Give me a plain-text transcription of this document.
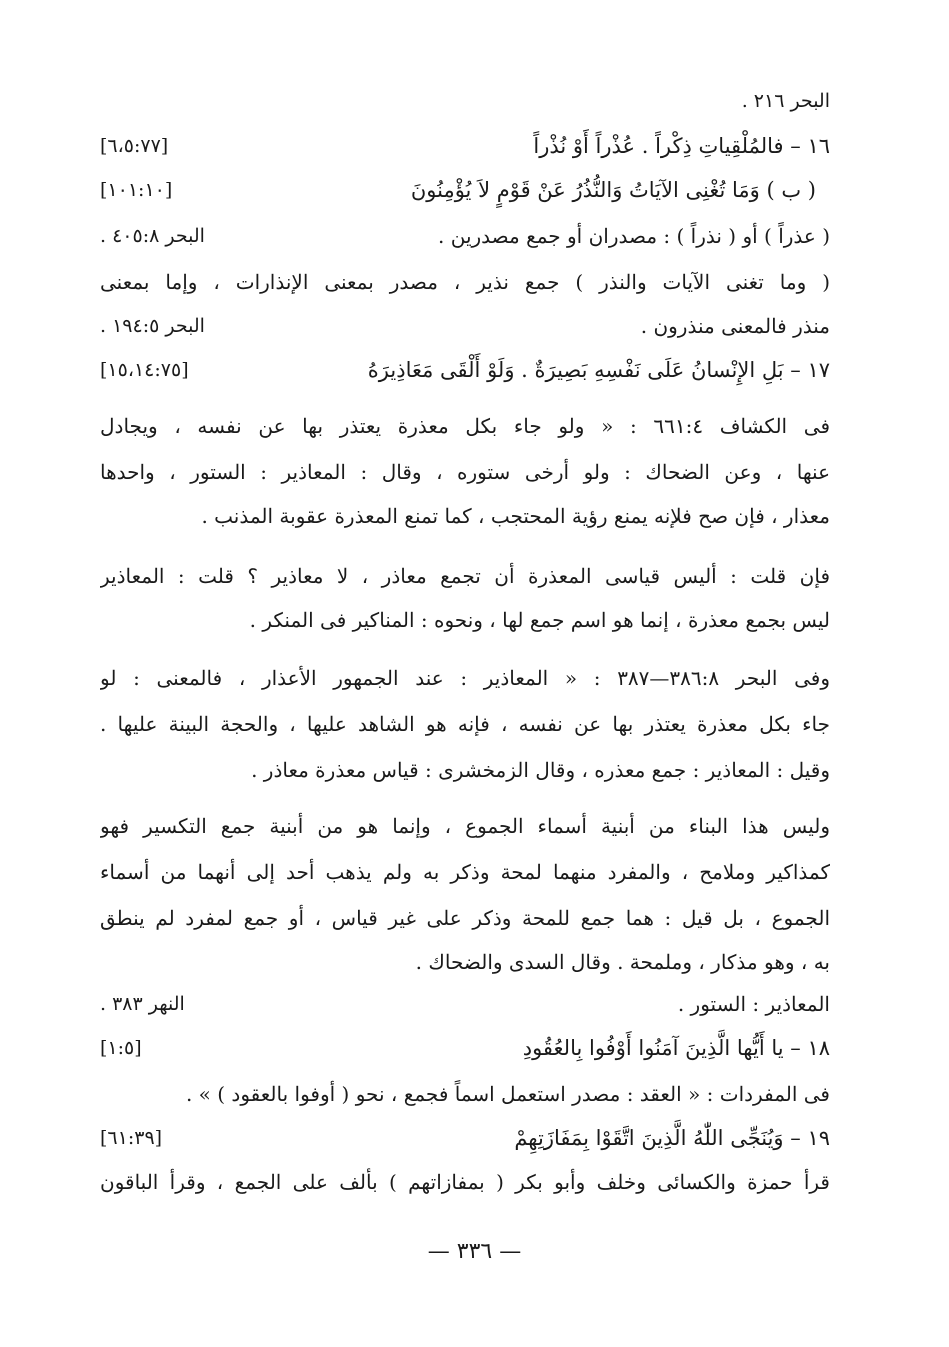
البحر ٢١٦ .
١٦ – فالمُلْقِياتِ ذِكْراً . عُذْراً أَوْ نُذْراً
[٦،٥:٧٧]
( ب ) وَمَا تُغْنِى الآيَاتُ وَالنُّذُرُ عَنْ قَوْمٍ لاَ يُؤْمِنُونَ
[١٠١:١٠]
( عذراً ) أو ( نذراً ) : مصدران أو جمع مصدرين .
البحر ٤٠٥:٨ .
( وما تغنى الآيات والنذر ) جمع نذير ، مصدر بمعنى الإنذارات ، وإما بمعنى
منذر فالمعنى منذرون .
البحر ١٩٤:٥ .
١٧ – بَلِ الإِنْسانُ عَلَى نَفْسِهِ بَصِيرَةٌ . وَلَوْ أَلْقَى مَعَاذِيرَهُ
[١٥،١٤:٧٥]
فى الكشاف ٦٦١:٤ : « ولو جاء بكل معذرة يعتذر بها عن نفسه ، ويجادل
عنها ، وعن الضحاك : ولو أرخى ستوره ، وقال : المعاذير : الستور ، واحدها
معذار ، فإن صح فلإنه يمنع رؤية المحتجب ، كما تمنع المعذرة عقوبة المذنب .
فإن قلت : أليس قياسى المعذرة أن تجمع معاذر ، لا معاذير ؟ قلت : المعاذير
ليس بجمع معذرة ، إنما هو اسم جمع لها ، ونحوه : المناكير فى المنكر .
وفى البحر ٣٨٦:٨—٣٨٧ : « المعاذير : عند الجمهور الأعذار ، فالمعنى : لو
جاء بكل معذرة يعتذر بها عن نفسه ، فإنه هو الشاهد عليها ، والحجة البينة عليها .
وقيل : المعاذير : جمع معذره ، وقال الزمخشرى : قياس معذرة معاذر .
وليس هذا البناء من أبنية أسماء الجموع ، وإنما هو من أبنية جمع التكسير فهو
كمذاكير وملامح ، والمفرد منهما لمحة وذكر به ولم يذهب أحد إلى أنهما من أسماء
الجموع ، بل قيل : هما جمع للمحة وذكر على غير قياس ، أو جمع لمفرد لم ينطق
به ، وهو مذكار ، وملمحة . وقال السدى والضحاك .
المعاذير : الستور .
النهر ٣٨٣ .
١٨ – يا أَيُّها الَّذِينَ آمَنُوا أَوْفُوا بِالعُقُودِ
[١:٥]
فى المفردات : « العقد : مصدر استعمل اسماً فجمع ، نحو ( أوفوا بالعقود ) » .
١٩ – وَيُنَجِّى اللّٰهُ الَّذِينَ اتَّقَوْا بِمَفَازَتِهِمْ
[٦١:٣٩]
قرأ حمزة والكسائى وخلف وأبو بكر ( بمفازاتهم ) بألف على الجمع ، وقرأ الباقون
— ٣٣٦ —
